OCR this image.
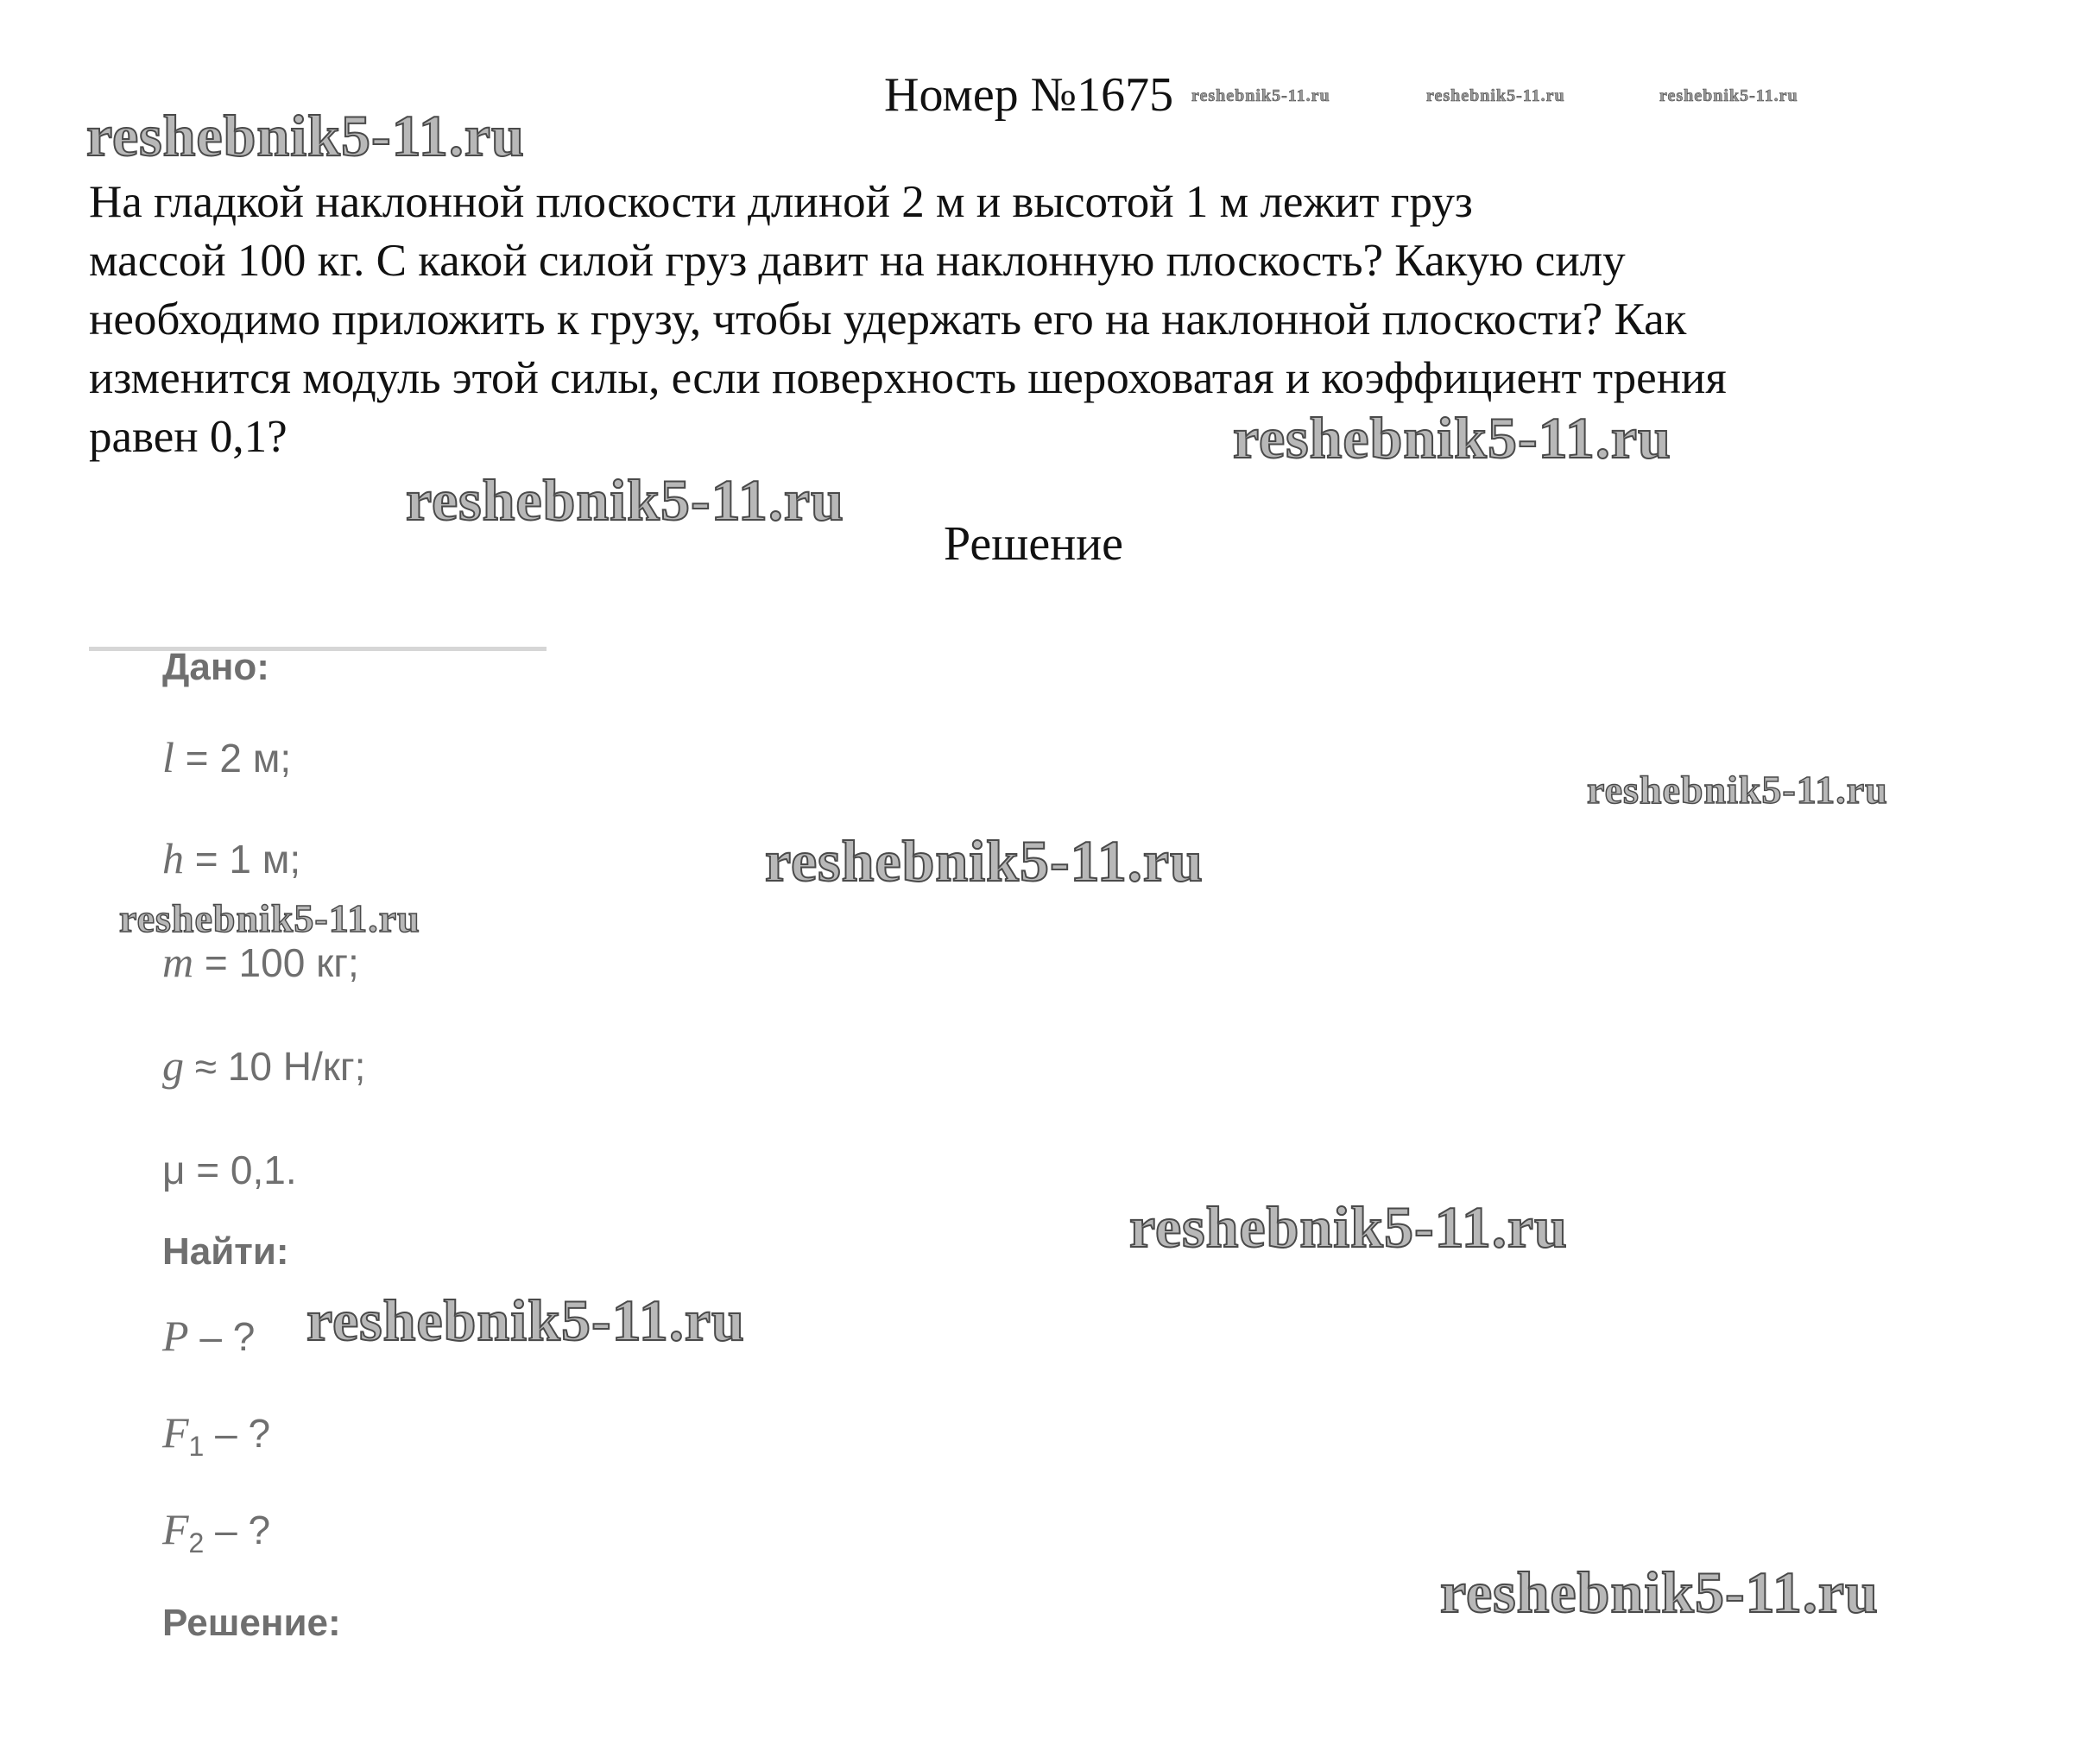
reshebnik5-11.ru
reshebnik5-11.ru	reshebnik5-11.ru	reshebnik5-11.ru
Номер №1675
На гладкой наклонной плоскости длиной 2 м и высотой 1 м лежит груз
массой 100 кг. С какой силой груз давит на наклонную плоскость? Какую силу
необходимо приложить к грузу, чтобы удержать его на наклонной плоскости? Как
изменится модуль этой силы, если поверхность шероховатая и коэффициент трения
равен 0,1?	reshebnik5-11.ru
reshebnik5-11.ru
Решение
Дано:
l = 2 м;
h = 1 м;
m = 100 кг;
g ≈ 10 Н/кг;
μ = 0,1.
reshebnik5-11.ru
reshebnik5-11.ru
reshebnik5-11.ru
Найти:	reshebnik5-11.ru
P – ? reshebnik5-11.ru
$F_1$ – ?
$F_2$ – ?
reshebnik5-11.ru
Решение:
